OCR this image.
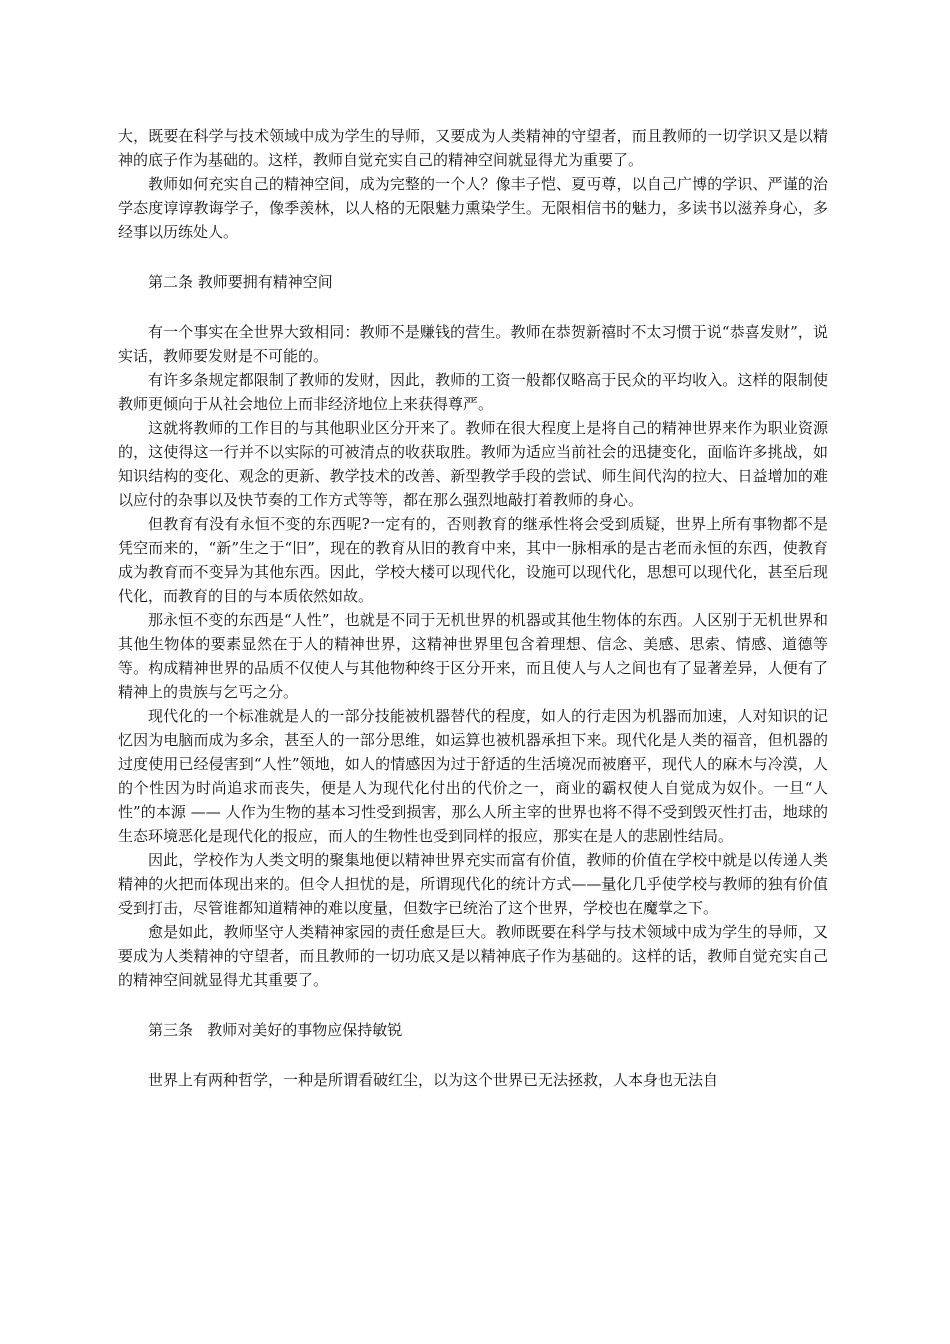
大，既要在科学与技术领域中成为学生的导师，又要成为人类精神的守望者，而且教师的一切学识又是以精神的底子作为基础的。这样，教师自觉充实自己的精神空间就显得尤为重要了。

教师如何充实自己的精神空间，成为完整的一个人？像丰子恺、夏丏尊，以自己广博的学识、严谨的治学态度谆谆教诲学子，像季羡林，以人格的无限魅力熏染学生。无限相信书的魅力，多读书以滋养身心，多经事以历练处人。

第二条 教师要拥有精神空间

有一个事实在全世界大致相同：教师不是赚钱的营生。教师在恭贺新禧时不太习惯于说“恭喜发财”，说实话，教师要发财是不可能的。

有许多条规定都限制了教师的发财，因此，教师的工资一般都仅略高于民众的平均收入。这样的限制使教师更倾向于从社会地位上而非经济地位上来获得尊严。

这就将教师的工作目的与其他职业区分开来了。教师在很大程度上是将自己的精神世界来作为职业资源的，这使得这一行并不以实际的可被清点的收获取胜。教师为适应当前社会的迅捷变化，面临许多挑战，如知识结构的变化、观念的更新、教学技术的改善、新型教学手段的尝试、师生间代沟的拉大、日益增加的难以应付的杂事以及快节奏的工作方式等等，都在那么强烈地敲打着教师的身心。

但教育有没有永恒不变的东西呢?一定有的，否则教育的继承性将会受到质疑，世界上所有事物都不是凭空而来的，“新”生之于“旧”，现在的教育从旧的教育中来，其中一脉相承的是古老而永恒的东西，使教育成为教育而不变异为其他东西。因此，学校大楼可以现代化，设施可以现代化，思想可以现代化，甚至后现代化，而教育的目的与本质依然如故。

那永恒不变的东西是“人性”，也就是不同于无机世界的机器或其他生物体的东西。人区别于无机世界和其他生物体的要素显然在于人的精神世界，这精神世界里包含着理想、信念、美感、思索、情感、道德等等。构成精神世界的品质不仅使人与其他物种终于区分开来，而且使人与人之间也有了显著差异，人便有了精神上的贵族与乞丐之分。

现代化的一个标准就是人的一部分技能被机器替代的程度，如人的行走因为机器而加速，人对知识的记忆因为电脑而成为多余，甚至人的一部分思维，如运算也被机器承担下来。现代化是人类的福音，但机器的过度使用已经侵害到“人性”领地，如人的情感因为过于舒适的生活境况而被磨平，现代人的麻木与冷漠，人的个性因为时尚追求而丧失，便是人为现代化付出的代价之一，商业的霸权使人自觉成为奴仆。一旦“人性”的本源 —— 人作为生物的基本习性受到损害，那么人所主宰的世界也将不得不受到毁灭性打击，地球的生态环境恶化是现代化的报应，而人的生物性也受到同样的报应，那实在是人的悲剧性结局。

因此，学校作为人类文明的聚集地便以精神世界充实而富有价值，教师的价值在学校中就是以传递人类精神的火把而体现出来的。但令人担忧的是，所谓现代化的统计方式——量化几乎使学校与教师的独有价值受到打击，尽管谁都知道精神的难以度量，但数字已统治了这个世界，学校也在魔掌之下。

愈是如此，教师坚守人类精神家园的责任愈是巨大。教师既要在科学与技术领域中成为学生的导师，又要成为人类精神的守望者，而且教师的一切功底又是以精神底子作为基础的。这样的话，教师自觉充实自己的精神空间就显得尤其重要了。

第三条   教师对美好的事物应保持敏锐

世界上有两种哲学，一种是所谓看破红尘，以为这个世界已无法拯救，人本身也无法自
